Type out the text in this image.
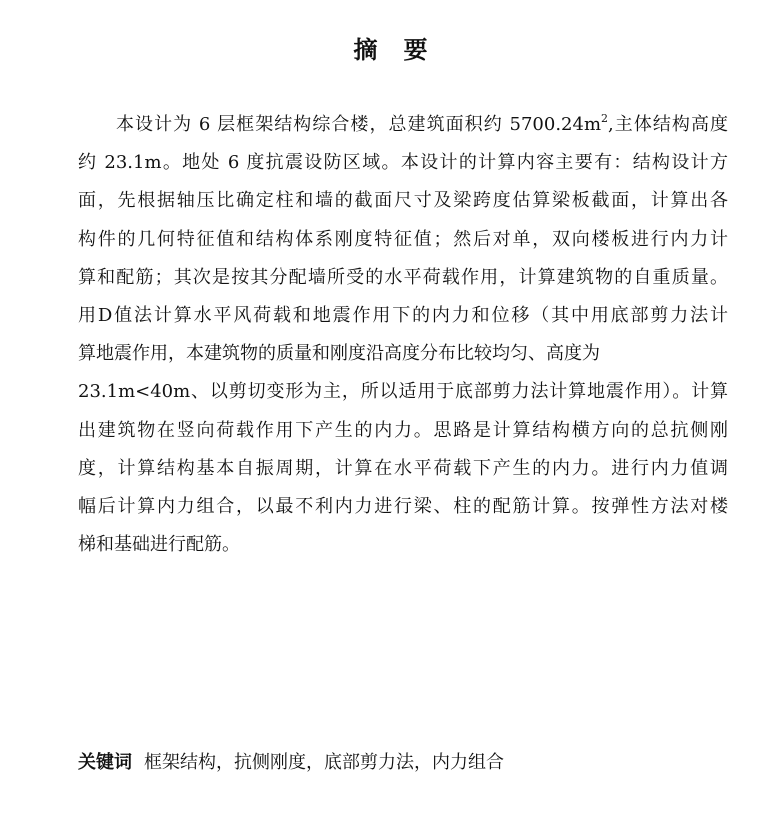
摘 要
本设计为 6 层框架结构综合楼，总建筑面积约 $5700.24m^2$,主体结构高度
约 23.1m。地处 6 度抗震设防区域。本设计的计算内容主要有：结构设计方
面，先根据轴压比确定柱和墙的截面尺寸及梁跨度估算梁板截面，计算出各
构件的几何特征值和结构体系刚度特征值；然后对单，双向楼板进行内力计
算和配筋；其次是按其分配墙所受的水平荷载作用，计算建筑物的自重质量。
用D值法计算水平风荷载和地震作用下的内力和位移（其中用底部剪力法计
算地震作用，本建筑物的质量和刚度沿高度分布比较均匀、高度为
23.1m<40m、以剪切变形为主，所以适用于底部剪力法计算地震作用）。计算
出建筑物在竖向荷载作用下产生的内力。思路是计算结构横方向的总抗侧刚
度，计算结构基本自振周期，计算在水平荷载下产生的内力。进行内力值调
幅后计算内力组合，以最不利内力进行梁、柱的配筋计算。按弹性方法对楼
梯和基础进行配筋。
关键词 框架结构，抗侧刚度，底部剪力法，内力组合
